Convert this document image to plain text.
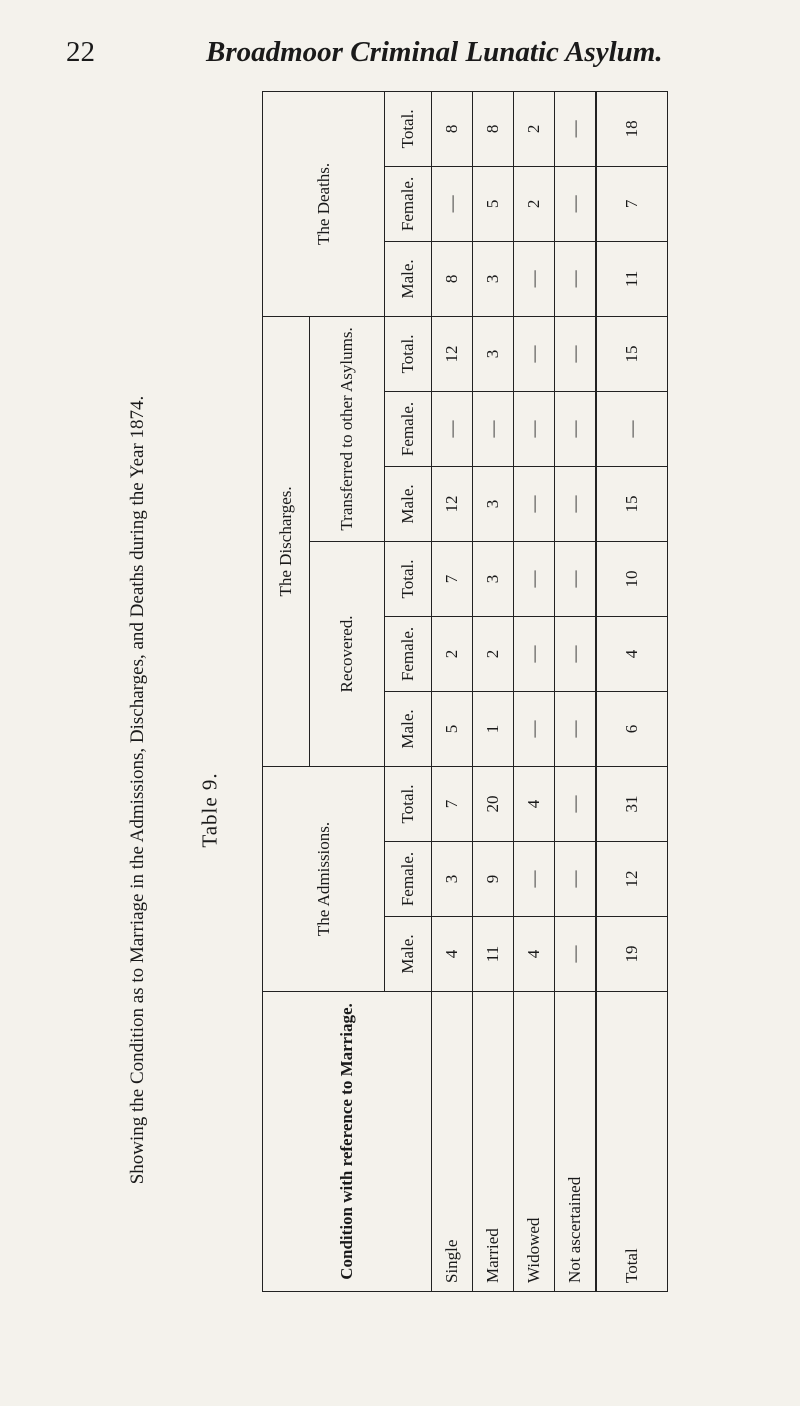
22	Broadmoor Criminal Lunatic Asylum.
Table 9.
Showing the Condition as to Marriage in the Admissions, Discharges, and Deaths during the Year 1874.	Condition with reference to Marriage.	The Admissions.			The Discharges.						The Deaths.		
				Recovered.			Transferred to other Asylums.					
	Male.	Female.	Total.	Male.	Female.	Total.	Male.	Female.	Total.	Male.	Female.	Total.
Single	4	3	7	5	2	7	12	—	12	8	—	8
Married	11	9	20	1	2	3	3	—	3	3	5	8
Widowed	4	—	4	—	—	—	—	—	—	—	2	2
Not ascertained	—	—	—	—	—	—	—	—	—	—	—	—
Total	19	12	31	6	4	10	15	—	15	11	7	18
